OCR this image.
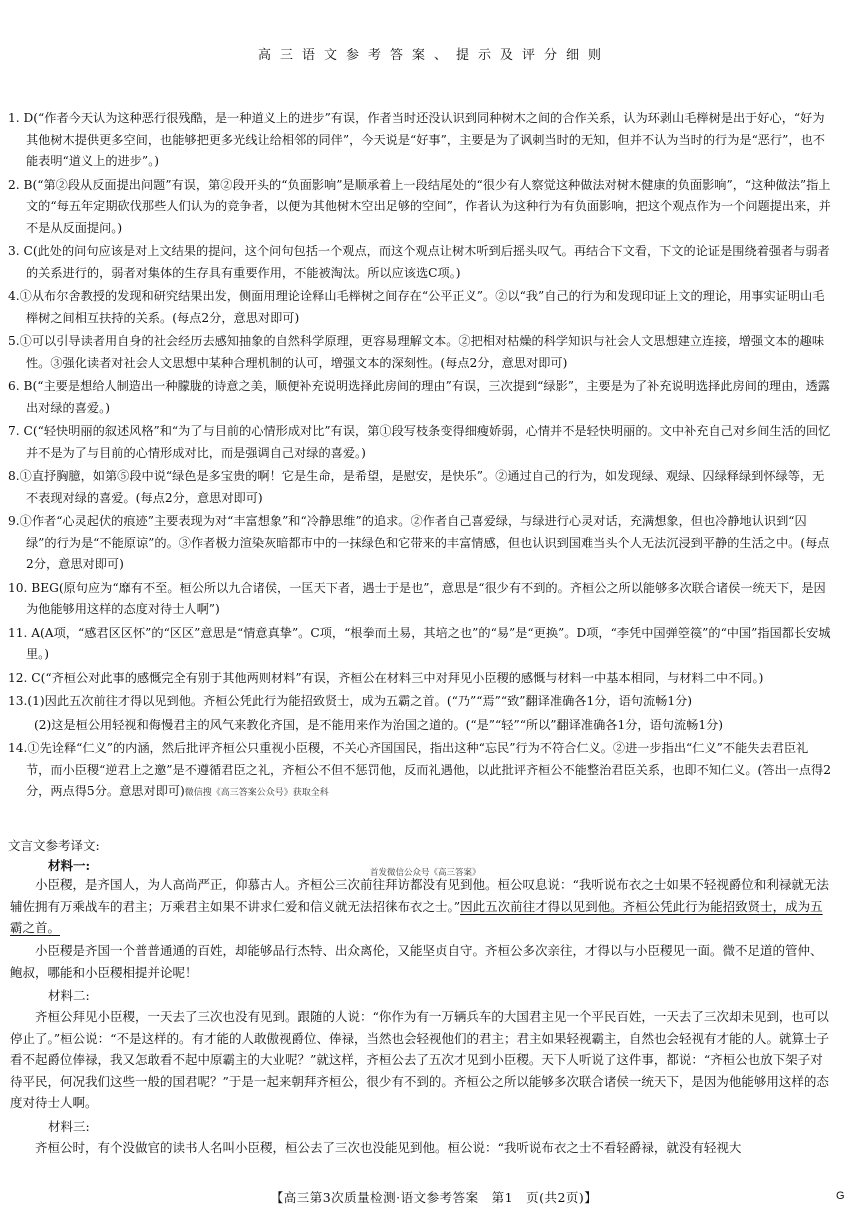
高三语文参考答案、提示及评分细则

1. D(“作者今天认为这种恶行很残酷，是一种道义上的进步”有误，作者当时还没认识到同种树木之间的合作关系，认为环剥山毛榉树是出于好心，“好为其他树木提供更多空间，也能够把更多光线让给相邻的同伴”，今天说是“好事”，主要是为了讽刺当时的无知，但并不认为当时的行为是“恶行”，也不能表明“道义上的进步”。)

2. B(“第②段从反面提出问题”有误，第②段开头的“负面影响”是顺承着上一段结尾处的“很少有人察觉这种做法对树木健康的负面影响”，“这种做法”指上文的“每五年定期砍伐那些人们认为的竞争者，以便为其他树木空出足够的空间”，作者认为这种行为有负面影响，把这个观点作为一个问题提出来，并不是从反面提问。)

3. C(此处的问句应该是对上文结果的提问，这个问句包括一个观点，而这个观点让树木听到后摇头叹气。再结合下文看，下文的论证是围绕着强者与弱者的关系进行的，弱者对集体的生存具有重要作用，不能被淘汰。所以应该选C项。)

4.①从布尔舍教授的发现和研究结果出发，侧面用理论诠释山毛榉树之间存在“公平正义”。②以“我”自己的行为和发现印证上文的理论，用事实证明山毛榉树之间相互扶持的关系。(每点2分，意思对即可)

5.①可以引导读者用自身的社会经历去感知抽象的自然科学原理，更容易理解文本。②把相对枯燥的科学知识与社会人文思想建立连接，增强文本的趣味性。③强化读者对社会人文思想中某种合理机制的认可，增强文本的深刻性。(每点2分，意思对即可)

6. B(“主要是想给人制造出一种朦胧的诗意之美，顺便补充说明选择此房间的理由”有误，三次提到“绿影”，主要是为了补充说明选择此房间的理由，透露出对绿的喜爱。)

7. C(“轻快明丽的叙述风格”和“为了与目前的心情形成对比”有误，第①段写枝条变得细瘦娇弱，心情并不是轻快明丽的。文中补充自己对乡间生活的回忆并不是为了与目前的心情形成对比，而是强调自己对绿的喜爱。)

8.①直抒胸臆，如第⑤段中说“绿色是多宝贵的啊！它是生命，是希望，是慰安，是快乐”。②通过自己的行为，如发现绿、观绿、囚绿释绿到怀绿等，无不表现对绿的喜爱。(每点2分，意思对即可)

9.①作者“心灵起伏的痕迹”主要表现为对“丰富想象”和“冷静思维”的追求。②作者自己喜爱绿，与绿进行心灵对话，充满想象，但也冷静地认识到“囚绿”的行为是“不能原谅”的。③作者极力渲染灰暗都市中的一抹绿色和它带来的丰富情感，但也认识到国难当头个人无法沉浸到平静的生活之中。(每点2分，意思对即可)

10. BEG(原句应为“靡有不至。桓公所以九合诸侯，一匡天下者，遇士于是也”，意思是“很少有不到的。齐桓公之所以能够多次联合诸侯一统天下，是因为他能够用这样的态度对待士人啊”)

11. A(A项，“感君区区怀”的“区区”意思是“情意真挚”。C项，“根拳而土易，其培之也”的“易”是“更换”。D项，“李凭中国弹箜篌”的“中国”指国都长安城里。)

12. C(“齐桓公对此事的感慨完全有别于其他两则材料”有误，齐桓公在材料三中对拜见小臣稷的感慨与材料一中基本相同，与材料二中不同。)

13.(1)因此五次前往才得以见到他。齐桓公凭此行为能招致贤士，成为五霸之首。(“乃”“焉”“致”翻译准确各1分，语句流畅1分)

(2)这是桓公用轻视和侮慢君主的风气来教化齐国，是不能用来作为治国之道的。(“是”“轻”“所以”翻译准确各1分，语句流畅1分)

14.①先诠释“仁义”的内涵，然后批评齐桓公只重视小臣稷，不关心齐国国民，指出这种“忘民”行为不符合仁义。②进一步指出“仁义”不能失去君臣礼节，而小臣稷“逆君上之邀”是不遵循君臣之礼，齐桓公不但不惩罚他，反而礼遇他，以此批评齐桓公不能整治君臣关系，也即不知仁义。(答出一点得2分，两点得5分。意思对即可)微信搜《高三答案公众号》获取全科

文言文参考译文:
材料一:	首发微信公众号《高三答案》
小臣稷，是齐国人，为人高尚严正，仰慕古人。齐桓公三次前往拜访都没有见到他。桓公叹息说：“我听说布衣之士如果不轻视爵位和利禄就无法辅佐拥有万乘战车的君主；万乘君主如果不讲求仁爱和信义就无法招徕布衣之士。”因此五次前往才得以见到他。齐桓公凭此行为能招致贤士，成为五霸之首。
小臣稷是齐国一个普普通通的百姓，却能够品行杰特、出众离伦，又能坚贞自守。齐桓公多次亲往，才得以与小臣稷见一面。微不足道的管仲、鲍叔，哪能和小臣稷相提并论呢！
材料二:
齐桓公拜见小臣稷，一天去了三次也没有见到。跟随的人说：“你作为有一万辆兵车的大国君主见一个平民百姓，一天去了三次却未见到，也可以停止了。”桓公说：“不是这样的。有才能的人敢傲视爵位、俸禄，当然也会轻视他们的君主；君主如果轻视霸主，自然也会轻视有才能的人。就算士子看不起爵位俸禄，我又怎敢看不起中原霸主的大业呢？”就这样，齐桓公去了五次才见到小臣稷。天下人听说了这件事，都说：“齐桓公也放下架子对待平民，何况我们这些一般的国君呢？”于是一起来朝拜齐桓公，很少有不到的。齐桓公之所以能够多次联合诸侯一统天下，是因为他能够用这样的态度对待士人啊。
材料三:
齐桓公时，有个没做官的读书人名叫小臣稷，桓公去了三次也没能见到他。桓公说：“我听说布衣之士不看轻爵禄，就没有轻视大
【高三第3次质量检测·语文参考答案　第1　页(共2页)】	G
